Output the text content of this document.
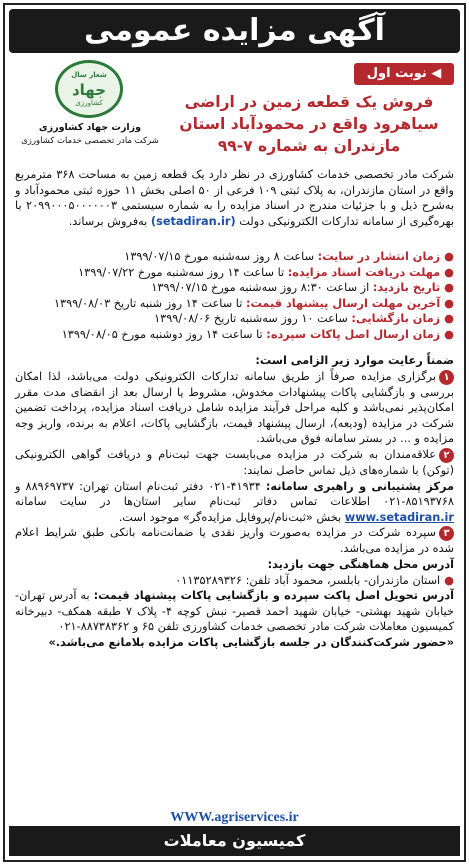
آگهی مزایده عمومی
شعار سال
جهاد
کشاورزی
وزارت جهاد کشاورزی
شرکت مادر تخصصی خدمات کشاورزی
◀ نوبت اول
فروش یک قطعه زمین در اراضی سیاهرود واقع در محمودآباد استان مازندران به شماره ۷-۹۹
شرکت مادر تخصصی خدمات کشاورزی در نظر دارد یک قطعه زمین به مساحت ۳۶۸ مترمربع واقع در استان مازندران، به پلاک ثبتی ۱۰۹ فرعی از ۵۰ اصلی بخش ۱۱ حوزه ثبتی محمودآباد و به‌شرح ذیل و با جزئیات مندرج در اسناد مزایده را به شماره سیستمی ۲۰۹۹۰۰۰۵۰۰۰۰۰۰۳ با بهره‌گیری از سامانه تدارکات الکترونیکی دولت (setadiran.ir) به‌فروش برساند.
● زمان انتشار در سایت: ساعت ۸ روز سه‌شنبه مورخ ۱۳۹۹/۰۷/۱۵
● مهلت دریافت اسناد مزایده: تا ساعت ۱۴ روز سه‌شنبه مورخ ۱۳۹۹/۰۷/۲۲
● تاریخ بازدید: از ساعت ۸:۳۰ روز سه‌شنبه مورخ ۱۳۹۹/۰۷/۱۵
● آخرین مهلت ارسال پیشنهاد قیمت: تا ساعت ۱۴ روز شنبه تاریخ ۱۳۹۹/۰۸/۰۳
● زمان بازگشایی: ساعت ۱۰ روز سه‌شنبه تاریخ ۱۳۹۹/۰۸/۰۶
● زمان ارسال اصل پاکات سپرده: تا ساعت ۱۴ روز دوشنبه مورخ ۱۳۹۹/۰۸/۰۵
ضمناً رعایت موارد زیر الزامی است:
۱برگزاری مزایده صرفاً از طریق سامانه تدارکات الکترونیکی دولت می‌باشد، لذا امکان بررسی و بازگشایی پاکات پیشنهادات مخدوش، مشروط یا ارسال بعد از انقضای مدت مقرر امکان‌پذیر نمی‌باشد و کلیه مراحل فرآیند مزایده شامل دریافت اسناد مزایده، پرداخت تضمین شرکت در مزایده (ودیعه)، ارسال پیشنهاد قیمت، بازگشایی پاکات، اعلام به برنده، واریز وجه مزایده و ... در بستر سامانه فوق می‌باشد.
۲علاقه‌مندان به شرکت در مزایده می‌بایست جهت ثبت‌نام و دریافت گواهی الکترونیکی (توکن) با شماره‌های ذیل تماس حاصل نمایند:
مرکز پشتیبانی و راهبری سامانه: ۴۱۹۳۴-۰۲۱ دفتر ثبت‌نام استان تهران: ۸۸۹۶۹۷۳۷ و ۸۵۱۹۳۷۶۸-۰۲۱ اطلاعات تماس دفاتر ثبت‌نام سایر استان‌ها در سایت سامانه www.setadiran.ir بخش «ثبت‌نام/پروفایل مزایده‌گر» موجود است.
۳سپرده شرکت در مزایده به‌صورت واریز نقدی یا ضمانت‌نامه بانکی طبق شرایط اعلام شده در مزایده می‌باشد.
آدرس محل هماهنگی جهت بازدید:
● استان مازندران- بابلسر، محمود آباد تلفن: ۰۱۱۳۵۲۸۹۳۲۶
آدرس تحویل اصل پاکت سپرده و بازگشایی پاکات پیشنهاد قیمت: به آدرس تهران- خیابان شهید بهشتی- خیابان شهید احمد قصیر- نبش کوچه ۴- پلاک ۷ طبقه همکف- دبیرخانه کمیسیون معاملات شرکت مادر تخصصی خدمات کشاورزی تلفن ۶۵ و ۸۸۷۳۸۳۶۲-۰۲۱
«حضور شرکت‌کنندگان در جلسه بازگشایی پاکات مزایده بلامانع می‌باشد.»
WWW.agriservices.ir
کمیسیون معاملات
